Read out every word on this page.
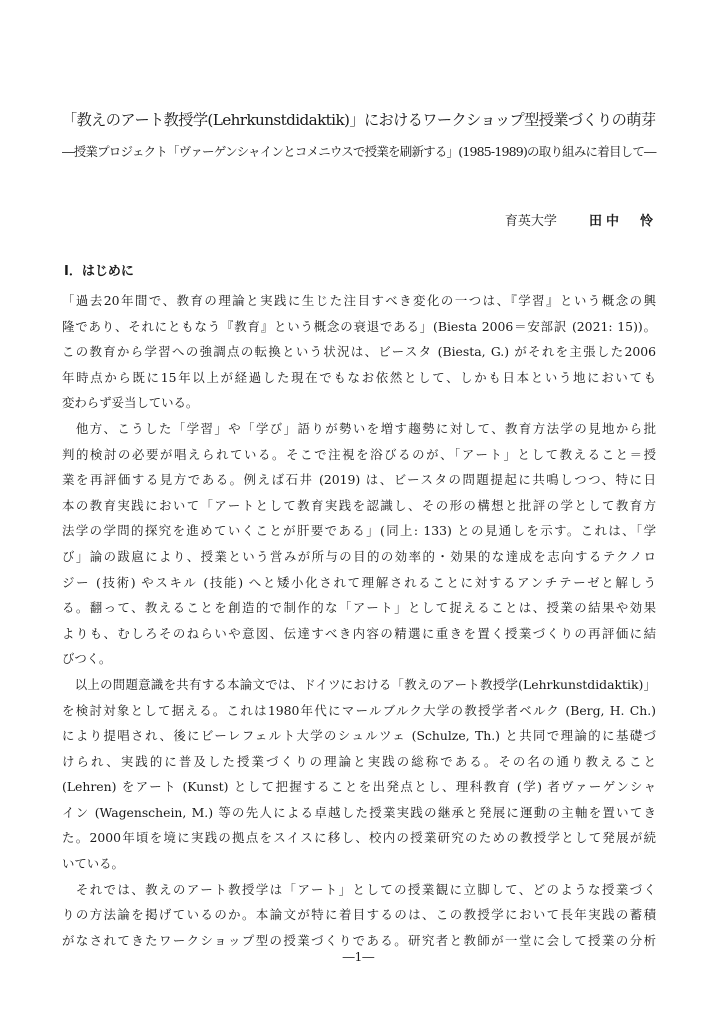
「教えのアート教授学(Lehrkunstdidaktik)」におけるワークショップ型授業づくりの萌芽
―授業プロジェクト「ヴァーゲンシャインとコメニウスで授業を刷新する」(1985-1989)の取り組みに着目して―
育英大学 田中　怜
Ⅰ．はじめに
「過去20年間で、教育の理論と実践に生じた注目すべき変化の一つは、『学習』という概念の興
隆であり、それにともなう『教育』という概念の衰退である」(Biesta 2006＝安部訳 (2021: 15))。
この教育から学習への強調点の転換という状況は、ビースタ (Biesta, G.) がそれを主張した2006
年時点から既に15年以上が経過した現在でもなお依然として、しかも日本という地においても
変わらず妥当している。
　他方、こうした「学習」や「学び」語りが勢いを増す趨勢に対して、教育方法学の見地から批
判的検討の必要が唱えられている。そこで注視を浴びるのが、「アート」として教えること＝授
業を再評価する見方である。例えば石井 (2019) は、ビースタの問題提起に共鳴しつつ、特に日
本の教育実践において「アートとして教育実践を認識し、その形の構想と批評の学として教育方
法学の学問的探究を進めていくことが肝要である」(同上: 133) との見通しを示す。これは、「学
び」論の跋扈により、授業という営みが所与の目的の効率的・効果的な達成を志向するテクノロ
ジー (技術) やスキル (技能) へと矮小化されて理解されることに対するアンチテーゼと解しう
る。翻って、教えることを創造的で制作的な「アート」として捉えることは、授業の結果や効果
よりも、むしろそのねらいや意図、伝達すべき内容の精選に重きを置く授業づくりの再評価に結
びつく。
　以上の問題意識を共有する本論文では、ドイツにおける「教えのアート教授学(Lehrkunstdidaktik)」
を検討対象として据える。これは1980年代にマールブルク大学の教授学者ベルク (Berg, H. Ch.)
により提唱され、後にビーレフェルト大学のシュルツェ (Schulze, Th.) と共同で理論的に基礎づ
けられ、実践的に普及した授業づくりの理論と実践の総称である。その名の通り教えること
(Lehren) をアート (Kunst) として把握することを出発点とし、理科教育 (学) 者ヴァーゲンシャ
イン (Wagenschein, M.) 等の先人による卓越した授業実践の継承と発展に運動の主軸を置いてき
た。2000年頃を境に実践の拠点をスイスに移し、校内の授業研究のための教授学として発展が続
いている。
　それでは、教えのアート教授学は「アート」としての授業観に立脚して、どのような授業づく
りの方法論を掲げているのか。本論文が特に着目するのは、この教授学において長年実践の蓄積
がなされてきたワークショップ型の授業づくりである。研究者と教師が一堂に会して授業の分析
―1―
